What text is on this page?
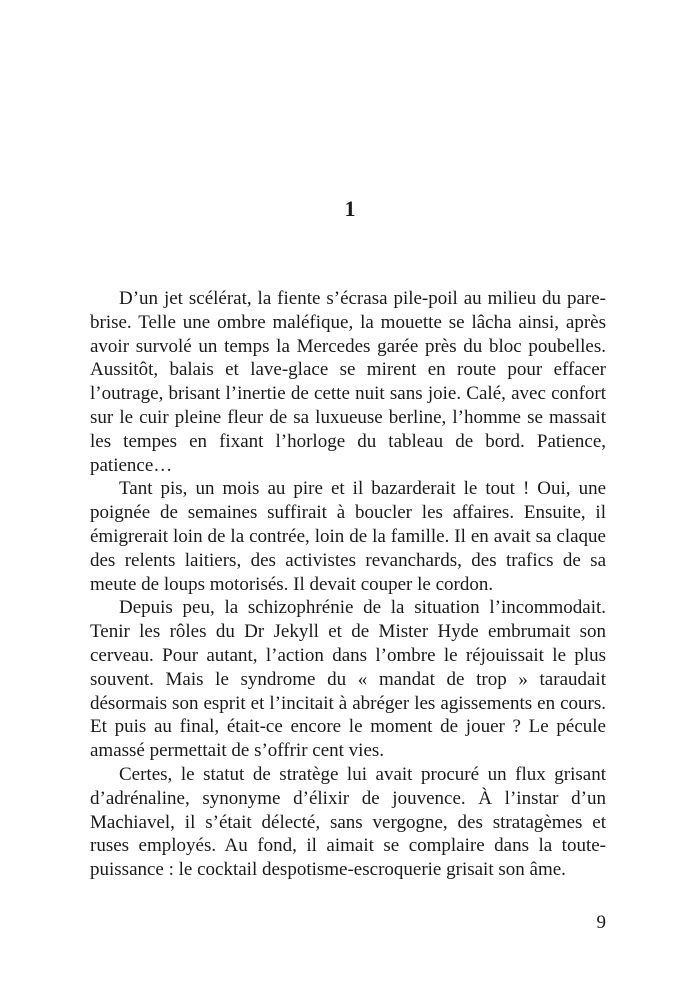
1

D’un jet scélérat, la fiente s’écrasa pile-poil au milieu du pare-brise. Telle une ombre maléfique, la mouette se lâcha ainsi, après avoir survolé un temps la Mercedes garée près du bloc poubelles. Aussitôt, balais et lave-glace se mirent en route pour effacer l’outrage, brisant l’inertie de cette nuit sans joie. Calé, avec confort sur le cuir pleine fleur de sa luxueuse berline, l’homme se massait les tempes en fixant l’horloge du tableau de bord. Patience, patience…

Tant pis, un mois au pire et il bazarderait le tout ! Oui, une poignée de semaines suffirait à boucler les affaires. Ensuite, il émigrerait loin de la contrée, loin de la famille. Il en avait sa claque des relents laitiers, des activistes revanchards, des trafics de sa meute de loups motorisés. Il devait couper le cordon.

Depuis peu, la schizophrénie de la situation l’incommodait. Tenir les rôles du Dr Jekyll et de Mister Hyde embrumait son cerveau. Pour autant, l’action dans l’ombre le réjouissait le plus souvent. Mais le syndrome du « mandat de trop » taraudait désormais son esprit et l’incitait à abréger les agissements en cours. Et puis au final, était-ce encore le moment de jouer ? Le pécule amassé permettait de s’offrir cent vies.

Certes, le statut de stratège lui avait procuré un flux grisant d’adrénaline, synonyme d’élixir de jouvence. À l’instar d’un Machiavel, il s’était délecté, sans vergogne, des stratagèmes et ruses employés. Au fond, il aimait se complaire dans la toute-puissance : le cocktail despotisme-escroquerie grisait son âme.

9
